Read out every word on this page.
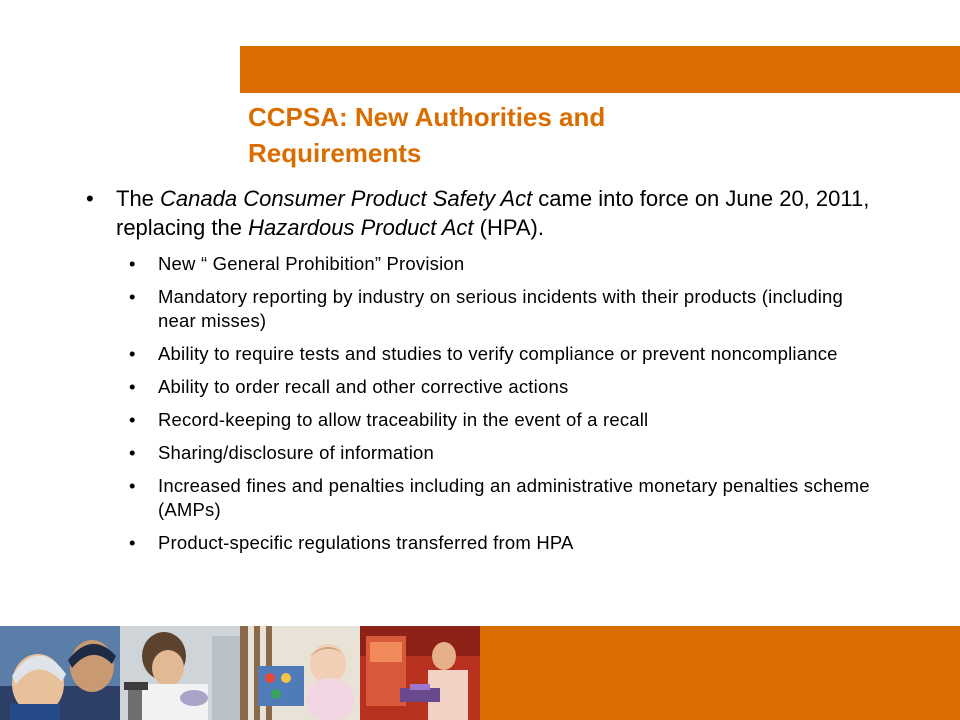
CCPSA: New Authorities and
Requirements
• The Canada Consumer Product Safety Act came into force on June 20, 2011, replacing the Hazardous Product Act (HPA).
• New “ General Prohibition” Provision
• Mandatory reporting by industry on serious incidents with their products (including near misses)
• Ability to require tests and studies to verify compliance or prevent noncompliance
• Ability to order recall and other corrective actions
• Record-keeping to allow traceability in the event of a recall
• Sharing/disclosure of information
• Increased fines and penalties including an administrative monetary penalties scheme (AMPs)
• Product-specific regulations transferred from HPA
